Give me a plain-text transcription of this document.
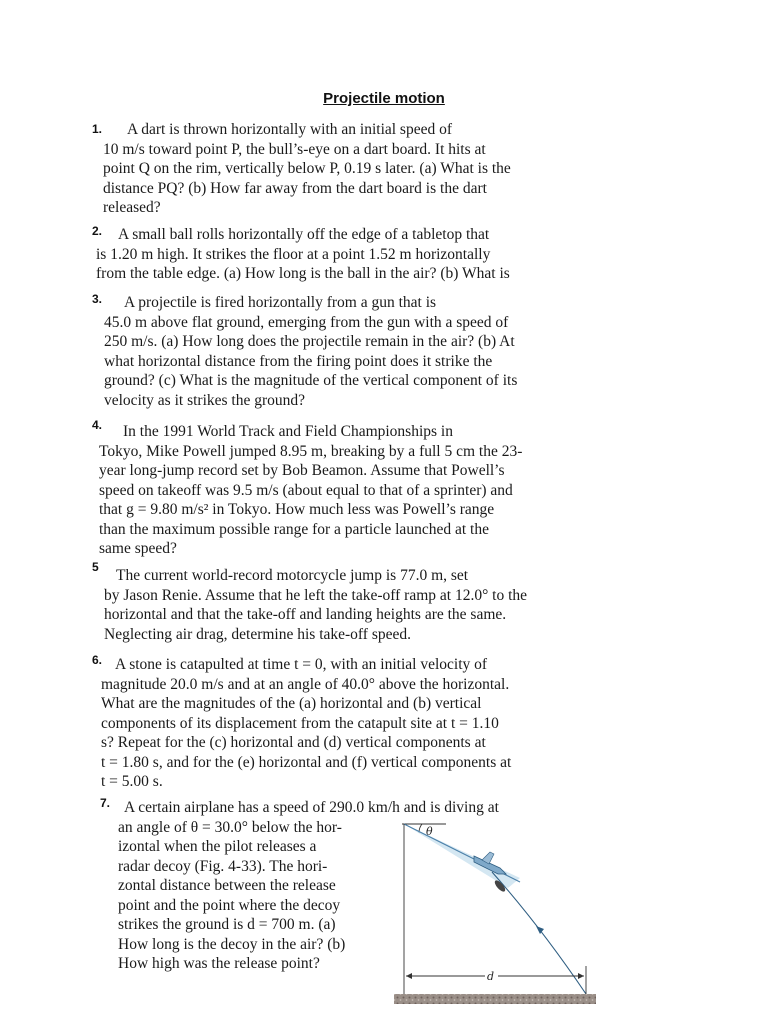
Projectile motion
1.	A dart is thrown horizontally with an initial speed of
10 m/s toward point P, the bull’s-eye on a dart board. It hits at
point Q on the rim, vertically below P, 0.19 s later. (a) What is the
distance PQ? (b) How far away from the dart board is the dart
released?
2.	A small ball rolls horizontally off the edge of a tabletop that
is 1.20 m high. It strikes the floor at a point 1.52 m horizontally
from the table edge. (a) How long is the ball in the air? (b) What is
3.	A projectile is fired horizontally from a gun that is
45.0 m above flat ground, emerging from the gun with a speed of
250 m/s. (a) How long does the projectile remain in the air? (b) At
what horizontal distance from the firing point does it strike the
ground? (c) What is the magnitude of the vertical component of its
velocity as it strikes the ground?
4.	In the 1991 World Track and Field Championships in
Tokyo, Mike Powell jumped 8.95 m, breaking by a full 5 cm the 23-
year long-jump record set by Bob Beamon. Assume that Powell’s
speed on takeoff was 9.5 m/s (about equal to that of a sprinter) and
that g = 9.80 m/s² in Tokyo. How much less was Powell’s range
than the maximum possible range for a particle launched at the
same speed?
5	The current world-record motorcycle jump is 77.0 m, set
by Jason Renie. Assume that he left the take-off ramp at 12.0° to the
horizontal and that the take-off and landing heights are the same.
Neglecting air drag, determine his take-off speed.
6. A stone is catapulted at time t = 0, with an initial velocity of
magnitude 20.0 m/s and at an angle of 40.0° above the horizontal.
What are the magnitudes of the (a) horizontal and (b) vertical
components of its displacement from the catapult site at t = 1.10
s? Repeat for the (c) horizontal and (d) vertical components at
t = 1.80 s, and for the (e) horizontal and (f) vertical components at
t = 5.00 s.
7. A certain airplane has a speed of 290.0 km/h and is diving at
an angle of θ = 30.0° below the hor-
izontal when the pilot releases a
radar decoy (Fig. 4-33). The hori-
zontal distance between the release
point and the point where the decoy
strikes the ground is d = 700 m. (a)
How long is the decoy in the air? (b)
How high was the release point?
θ
d
